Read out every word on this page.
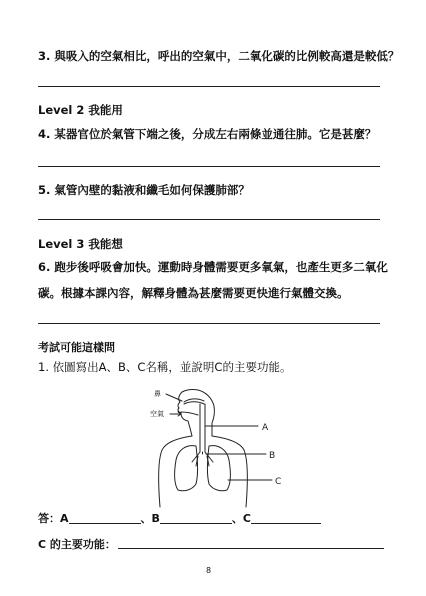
3. 與吸入的空氣相比，呼出的空氣中，二氧化碳的比例較高還是較低？
Level 2 我能用
4. 某器官位於氣管下端之後，分成左右兩條並通往肺。它是甚麼？
5. 氣管內壁的黏液和纖毛如何保護肺部？
Level 3 我能想
6. 跑步後呼吸會加快。運動時身體需要更多氧氣，也產生更多二氧化
碳。根據本課內容，解釋身體為甚麼需要更快進行氣體交換。
考試可能這樣問
1. 依圖寫出A、B、C名稱，並說明C的主要功能。
鼻
空氣
A
B
C
答：A	、B	、C
C 的主要功能：
8
